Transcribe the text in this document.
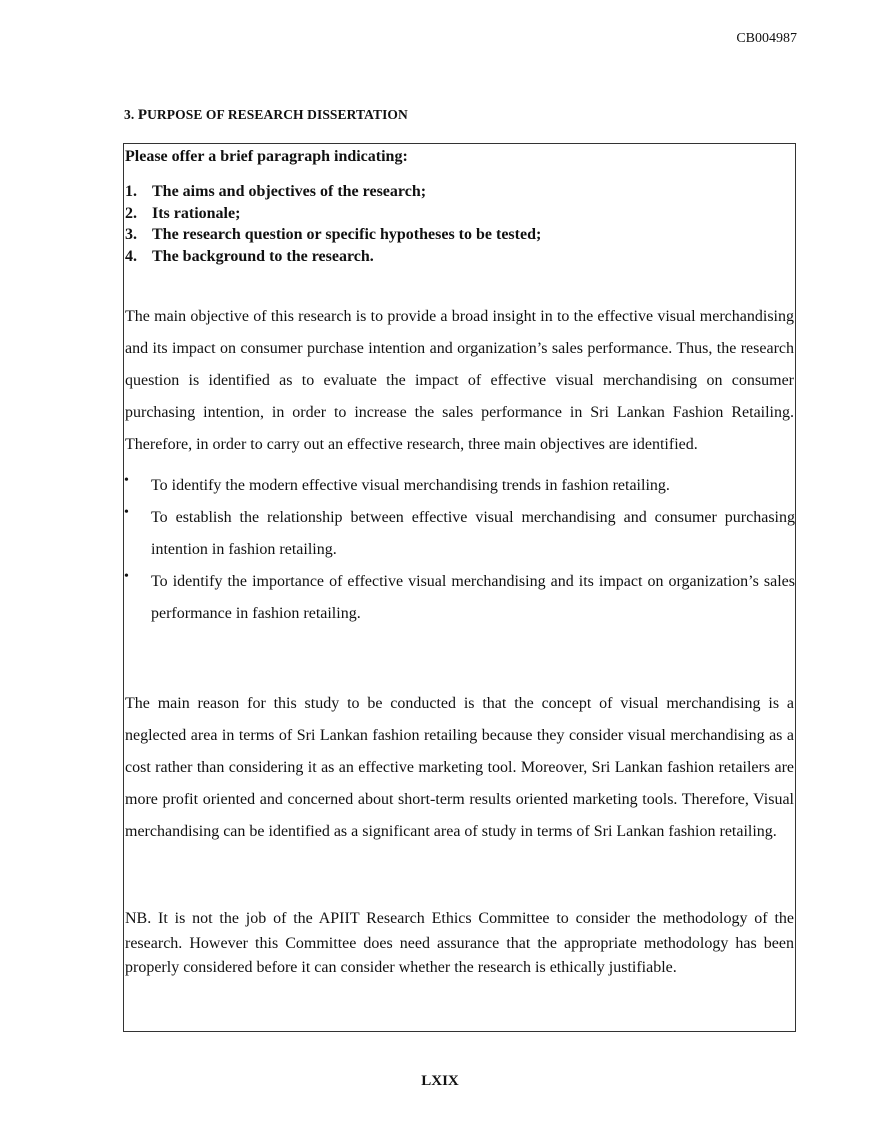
CB004987
3. PURPOSE OF RESEARCH DISSERTATION
Please offer a brief paragraph indicating:
1. The aims and objectives of the research;
2. Its rationale;
3. The research question or specific hypotheses to be tested;
4. The background to the research.

The main objective of this research is to provide a broad insight in to the effective visual merchandising and its impact on consumer purchase intention and organization’s sales performance. Thus, the research question is identified as to evaluate the impact of effective visual merchandising on consumer purchasing intention, in order to increase the sales performance in Sri Lankan Fashion Retailing. Therefore, in order to carry out an effective research, three main objectives are identified.

•	To identify the modern effective visual merchandising trends in fashion retailing.
•	To establish the relationship between effective visual merchandising and consumer purchasing intention in fashion retailing.
•	To identify the importance of effective visual merchandising and its impact on organization’s sales performance in fashion retailing.

The main reason for this study to be conducted is that the concept of visual merchandising is a neglected area in terms of Sri Lankan fashion retailing because they consider visual merchandising as a cost rather than considering it as an effective marketing tool. Moreover, Sri Lankan fashion retailers are more profit oriented and concerned about short-term results oriented marketing tools. Therefore, Visual merchandising can be identified as a significant area of study in terms of Sri Lankan fashion retailing.

NB. It is not the job of the APIIT Research Ethics Committee to consider the methodology of the research. However this Committee does need assurance that the appropriate methodology has been properly considered before it can consider whether the research is ethically justifiable.

LXIX
